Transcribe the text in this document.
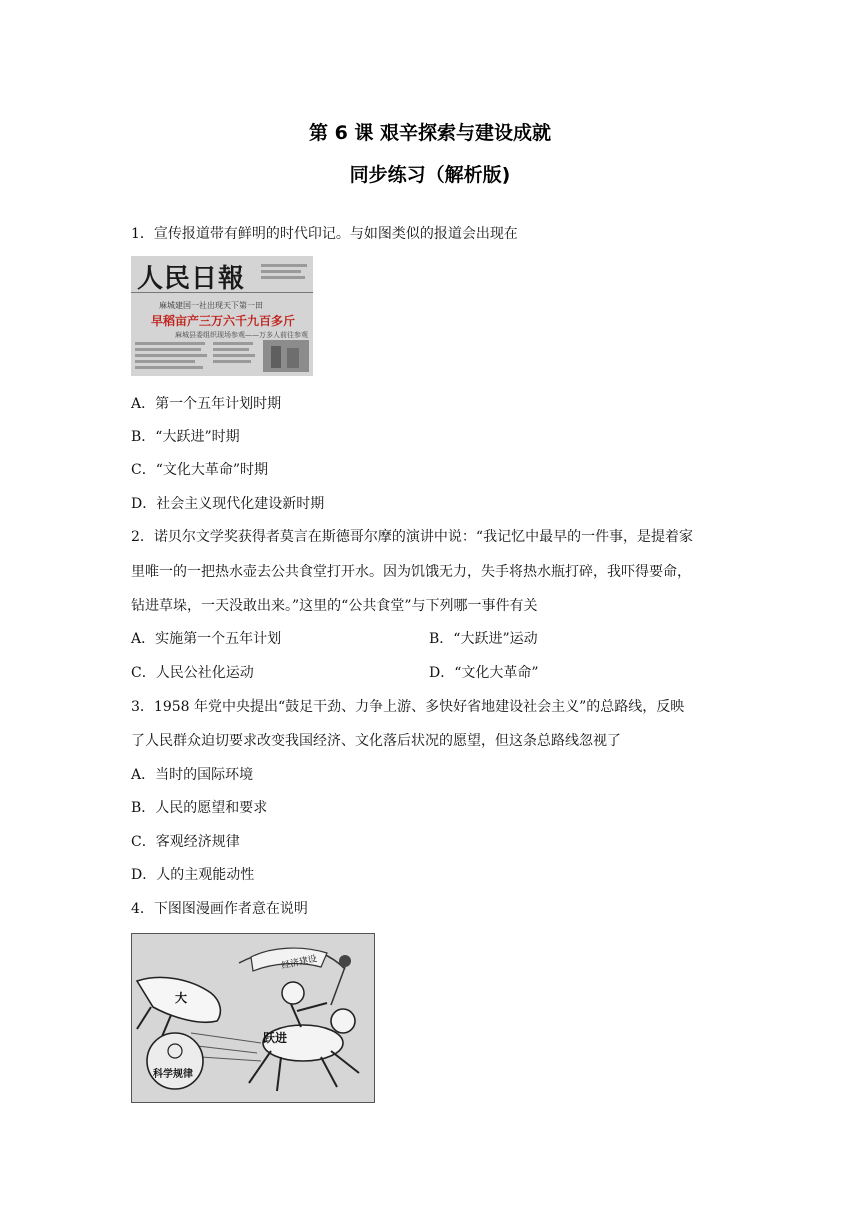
第 6 课 艰辛探索与建设成就
同步练习（解析版)
1．宣传报道带有鲜明的时代印记。与如图类似的报道会出现在
人民日報
麻城建国一社出现天下第一田
早稻亩产三万六千九百多斤
麻城县委组织现场参观——万多人前往参观
A．第一个五年计划时期
B．“大跃进”时期
C．“文化大革命”时期
D．社会主义现代化建设新时期
2．诺贝尔文学奖获得者莫言在斯德哥尔摩的演讲中说：“我记忆中最早的一件事，是提着家
里唯一的一把热水壶去公共食堂打开水。因为饥饿无力，失手将热水瓶打碎，我吓得要命，
钻进草垛，一天没敢出来。”这里的“公共食堂”与下列哪一事件有关
A．实施第一个五年计划	B．“大跃进”运动
C．人民公社化运动	D．“文化大革命”
3．1958 年党中央提出“鼓足干劲、力争上游、多快好省地建设社会主义”的总路线，反映
了人民群众迫切要求改变我国经济、文化落后状况的愿望，但这条总路线忽视了
A．当时的国际环境
B．人民的愿望和要求
C．客观经济规律
D．人的主观能动性
4．下图图漫画作者意在说明
经济建设
大
跃进
科学规律
